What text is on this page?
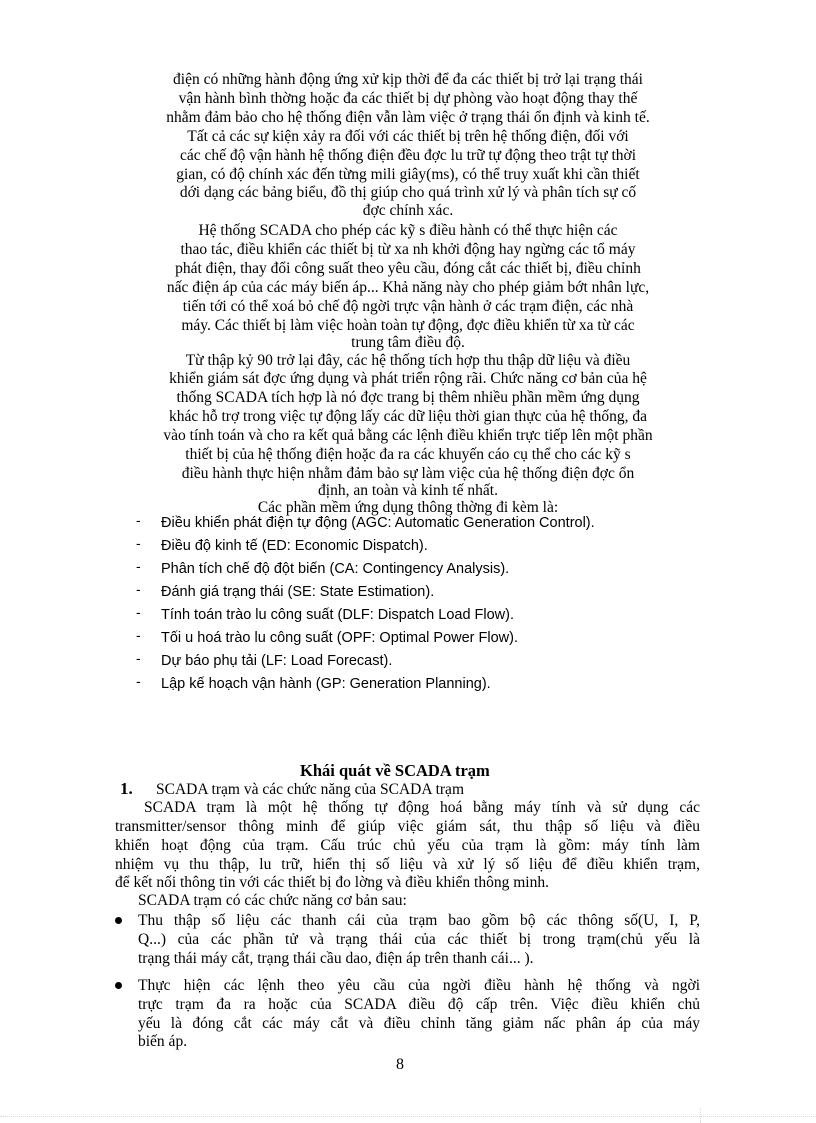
điện có những hành động ứng xử kịp thời để đa các thiết bị trở lại trạng thái
vận hành bình thờng hoặc đa các thiết bị dự phòng vào hoạt động thay thế
nhằm đảm bảo cho hệ thống điện vẫn làm việc ở trạng thái ổn định và kinh tế.
Tất cả các sự kiện xảy ra đối với các thiết bị trên hệ thống điện, đối với
các chế độ vận hành hệ thống điện đều đợc lu trữ tự động theo trật tự thời
gian, có độ chính xác đến từng mili giây(ms), có thể truy xuất khi cần thiết
dới dạng các bảng biểu, đồ thị giúp cho quá trình xử lý và phân tích sự cố
đợc chính xác.
Hệ thống SCADA cho phép các kỹ s điều hành có thể thực hiện các
thao tác, điều khiển các thiết bị từ xa nh khởi động hay ngừng các tổ máy
phát điện, thay đổi công suất theo yêu cầu, đóng cắt các thiết bị, điều chỉnh
nấc điện áp của các máy biến áp... Khả năng này cho phép giảm bớt nhân lực,
tiến tới có thể xoá bỏ chế độ ngời trực vận hành ở các trạm điện, các nhà
máy. Các thiết bị làm việc hoàn toàn tự động, đợc điều khiển từ xa từ các
trung tâm điều độ.
Từ thập kỷ 90 trở lại đây, các hệ thống tích hợp thu thập dữ liệu và điều
khiển giám sát đợc ứng dụng và phát triển rộng rãi. Chức năng cơ bản của hệ
thống SCADA tích hợp là nó đợc trang bị thêm nhiều phần mềm ứng dụng
khác hỗ trợ trong việc tự động lấy các dữ liệu thời gian thực của hệ thống, đa
vào tính toán và cho ra kết quả bằng các lệnh điều khiển trực tiếp lên một phần
thiết bị của hệ thống điện hoặc đa ra các khuyến cáo cụ thể cho các kỹ s
điều hành thực hiện nhằm đảm bảo sự làm việc của hệ thống điện đợc ổn
định, an toàn và kinh tế nhất.
Các phần mềm ứng dụng thông thờng đi kèm là:
- Điều khiển phát điện tự động (AGC: Automatic Generation Control).
- Điều độ kinh tế (ED: Economic Dispatch).
- Phân tích chế độ đột biến (CA: Contingency Analysis).
- Đánh giá trạng thái (SE: State Estimation).
- Tính toán trào lu công suất (DLF: Dispatch Load Flow).
- Tối u hoá trào lu công suất (OPF: Optimal Power Flow).
- Dự báo phụ tải (LF: Load Forecast).
- Lập kế hoạch vận hành (GP: Generation Planning).
Khái quát về SCADA trạm
1. SCADA trạm và các chức năng của SCADA trạm
SCADA trạm là một hệ thống tự động hoá bằng máy tính và sử dụng các
transmitter/sensor thông minh để giúp việc giám sát, thu thập số liệu và điều
khiển hoạt động của trạm. Cấu trúc chủ yếu của trạm là gồm: máy tính làm
nhiệm vụ thu thập, lu trữ, hiển thị số liệu và xử lý số liệu để điều khiển trạm,
để kết nối thông tin với các thiết bị đo lờng và điều khiển thông minh.
SCADA trạm có các chức năng cơ bản sau:
Thu thập số liệu các thanh cái của trạm bao gồm bộ các thông số(U, I, P,
Q...) của các phần tử và trạng thái của các thiết bị trong trạm(chủ yếu là
trạng thái máy cắt, trạng thái cầu dao, điện áp trên thanh cái... ).
Thực hiện các lệnh theo yêu cầu của ngời điều hành hệ thống và ngời
trực trạm đa ra hoặc của SCADA điều độ cấp trên. Việc điều khiển chủ
yếu là đóng cắt các máy cắt và điều chỉnh tăng giảm nấc phân áp của máy
biến áp.
8
